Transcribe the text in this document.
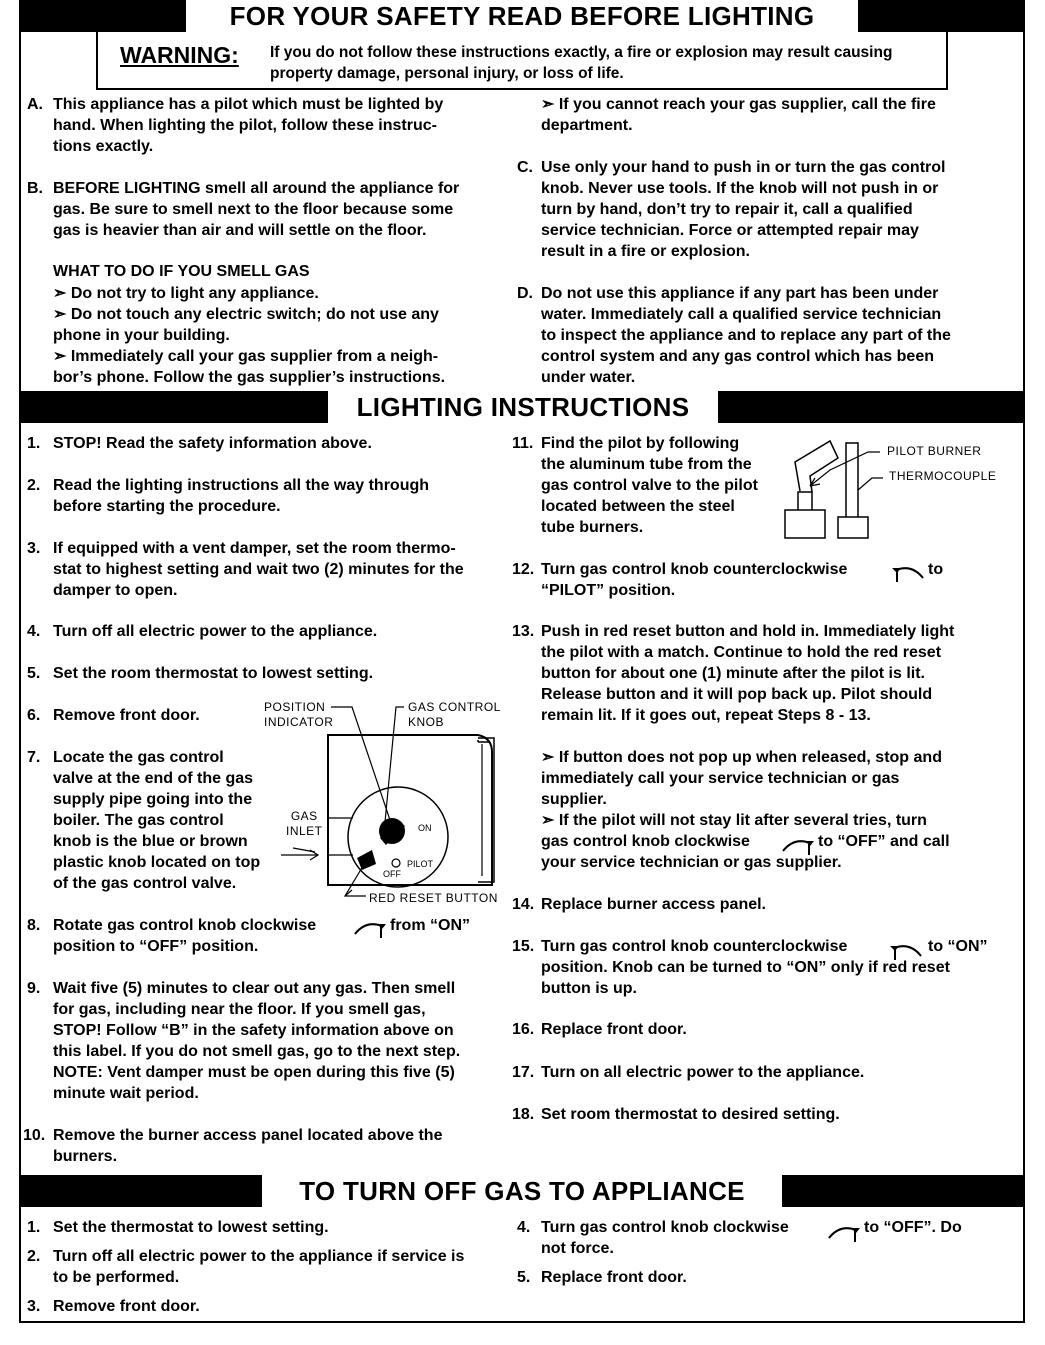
FOR YOUR SAFETY READ BEFORE LIGHTING
WARNING: If you do not follow these instructions exactly, a fire or explosion may result causing property damage, personal injury, or loss of life.
A. This appliance has a pilot which must be lighted by
hand. When lighting the pilot, follow these instruc-
tions exactly.
B. BEFORE LIGHTING smell all around the appliance for
gas. Be sure to smell next to the floor because some
gas is heavier than air and will settle on the floor.
WHAT TO DO IF YOU SMELL GAS
➣ Do not try to light any appliance.
➣ Do not touch any electric switch; do not use any
phone in your building.
➣ Immediately call your gas supplier from a neigh-
bor’s phone. Follow the gas supplier’s instructions.
➣ If you cannot reach your gas supplier, call the fire
department.
C. Use only your hand to push in or turn the gas control
knob. Never use tools. If the knob will not push in or
turn by hand, don’t try to repair it, call a qualified
service technician. Force or attempted repair may
result in a fire or explosion.
D. Do not use this appliance if any part has been under
water. Immediately call a qualified service technician
to inspect the appliance and to replace any part of the
control system and any gas control which has been
under water.
LIGHTING INSTRUCTIONS
1. STOP! Read the safety information above.
2. Read the lighting instructions all the way through
before starting the procedure.
3. If equipped with a vent damper, set the room thermo-
stat to highest setting and wait two (2) minutes for the
damper to open.
4. Turn off all electric power to the appliance.
5. Set the room thermostat to lowest setting.
6. Remove front door.
7. Locate the gas control
valve at the end of the gas
supply pipe going into the
boiler. The gas control
knob is the blue or brown
plastic knob located on top
of the gas control valve.
POSITION
INDICATOR
GAS CONTROL
KNOB
GAS
INLET
RED RESET BUTTON
ON
PILOT
OFF
8. Rotate gas control knob clockwise	from “ON”
position to “OFF” position.
9. Wait five (5) minutes to clear out any gas. Then smell
for gas, including near the floor. If you smell gas,
STOP! Follow “B” in the safety information above on
this label. If you do not smell gas, go to the next step.
NOTE: Vent damper must be open during this five (5)
minute wait period.
10. Remove the burner access panel located above the
burners.
11. Find the pilot by following
the aluminum tube from the
gas control valve to the pilot
located between the steel
tube burners.
PILOT BURNER
THERMOCOUPLE
12. Turn gas control knob counterclockwise	to
“PILOT” position.
13. Push in red reset button and hold in. Immediately light
the pilot with a match. Continue to hold the red reset
button for about one (1) minute after the pilot is lit.
Release button and it will pop back up. Pilot should
remain lit. If it goes out, repeat Steps 8 - 13.
➣ If button does not pop up when released, stop and
immediately call your service technician or gas
supplier.
➣ If the pilot will not stay lit after several tries, turn
gas control knob clockwise	to “OFF” and call
your service technician or gas supplier.
14. Replace burner access panel.
15. Turn gas control knob counterclockwise	to “ON”
position. Knob can be turned to “ON” only if red reset
button is up.
16. Replace front door.
17. Turn on all electric power to the appliance.
18. Set room thermostat to desired setting.
TO TURN OFF GAS TO APPLIANCE
1. Set the thermostat to lowest setting.
2. Turn off all electric power to the appliance if service is
to be performed.
3. Remove front door.
4. Turn gas control knob clockwise	to “OFF”. Do
not force.
5. Replace front door.
